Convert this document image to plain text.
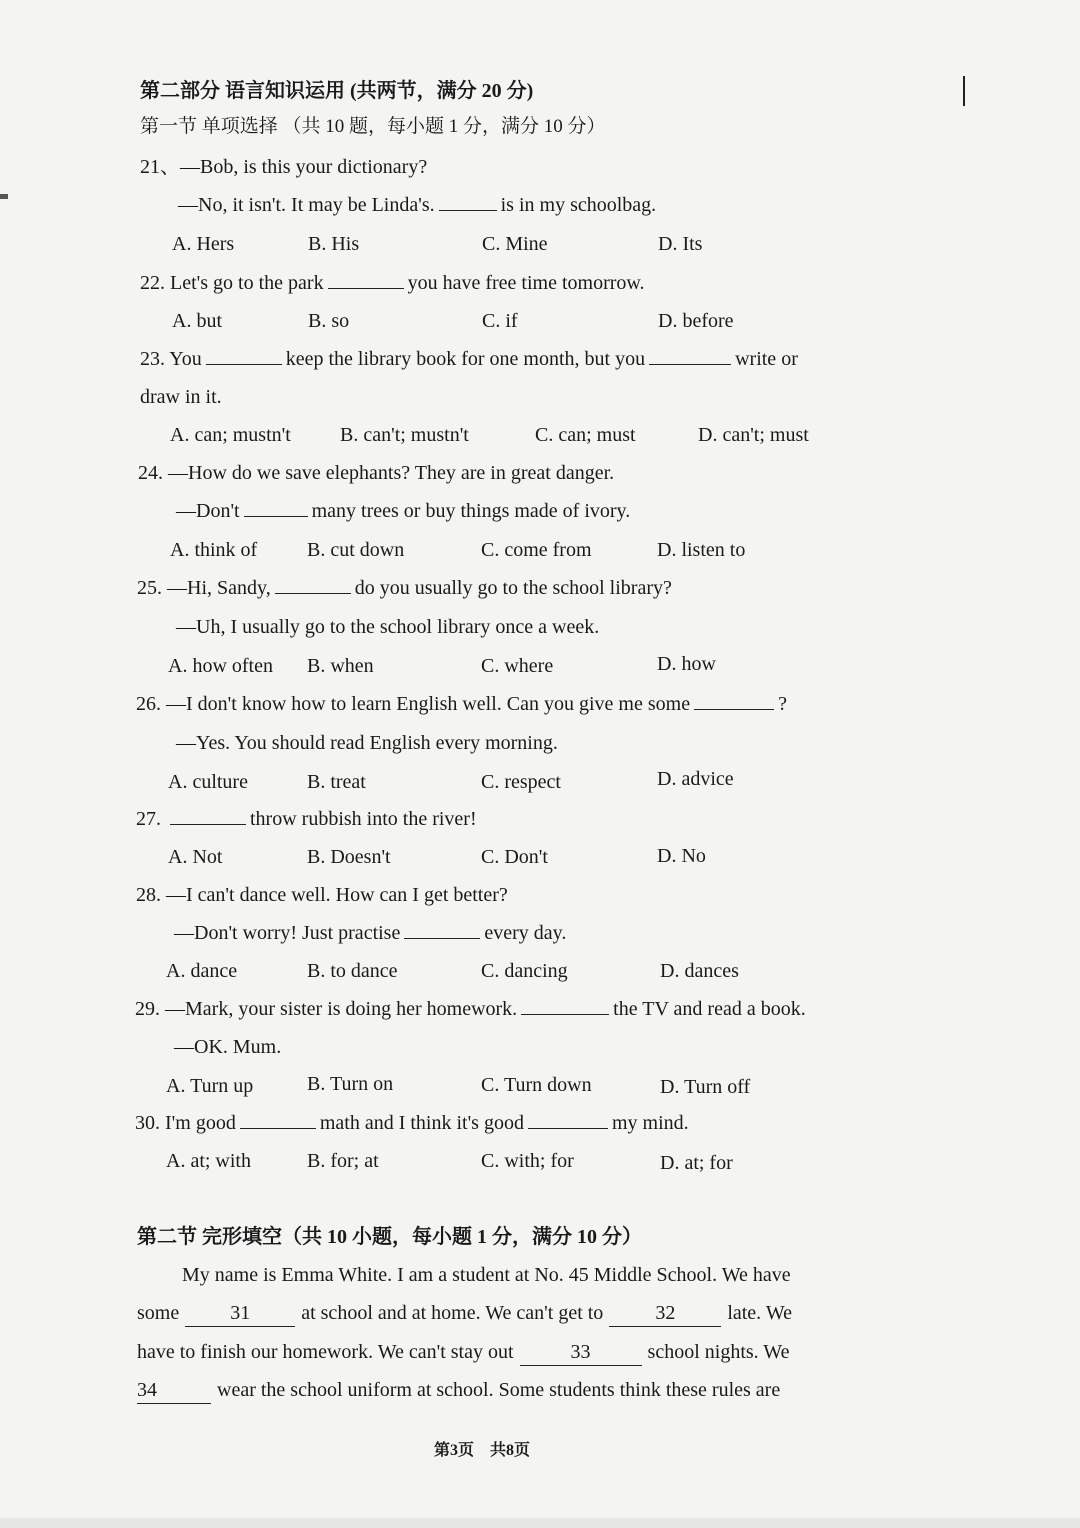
第二部分 语言知识运用 (共两节，满分 20 分)
第一节 单项选择 （共 10 题，每小题 1 分，满分 10 分）
21、—Bob, is this your dictionary?
—No, it isn't. It may be Linda's.	is in my schoolbag.
A. Hers	B. His	C. Mine	D. Its
22. Let's go to the park	you have free time tomorrow.
A. but	B. so	C. if	D. before
23. You	keep the library book for one month, but you	write or
draw in it.
A. can; mustn't B. can't; mustn't	C. can; must	D. can't; must
24. —How do we save elephants? They are in great danger.
—Don't	many trees or buy things made of ivory.
A. think of B. cut down	C. come from	D. listen to
25. —Hi, Sandy,	do you usually go to the school library?
—Uh, I usually go to the school library once a week.
A. how often B. when	C. where	D. how
26. —I don't know how to learn English well. Can you give me some	?
—Yes. You should read English every morning.
A. culture	B. treat	C. respect	D. advice
27.	throw rubbish into the river!
A. Not	B. Doesn't	C. Don't	D. No
28. —I can't dance well. How can I get better?
—Don't worry! Just practise	every day.
A. dance	B. to dance	C. dancing	D. dances
29. —Mark, your sister is doing her homework.	the TV and read a book.
—OK. Mum.
A. Turn up	B. Turn on	C. Turn down	D. Turn off
30. I'm good	math and I think it's good	my mind.
A. at; with	B. for; at	C. with; for	D. at; for
第二节 完形填空（共 10 小题，每小题 1 分，满分 10 分）
My name is Emma White. I am a student at No. 45 Middle School. We have
some	31	at school and at home. We can't get to	32	late. We
have to finish our homework. We can't stay out	33	school nights. We
34	wear the school uniform at school. Some students think these rules are
第3页　共8页
